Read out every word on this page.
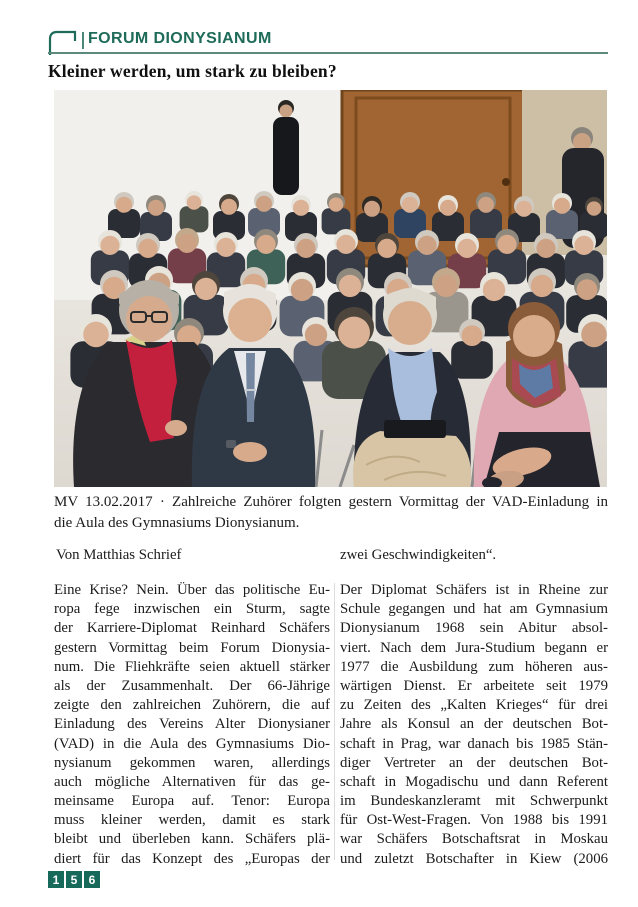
FORUM DIONYSIANUM
Kleiner werden, um stark zu bleiben?
MV 13.02.2017 · Zahlreiche Zuhörer folgten gestern Vormittag der VAD-Einladung in
die Aula des Gymnasiums Dionysianum.
Von Matthias Schrief	zwei Geschwindigkeiten“.
Eine Krise? Nein. Über das politische Eu-
ropa fege inzwischen ein Sturm, sagte
der Karriere-Diplomat Reinhard Schäfers
gestern Vormittag beim Forum Dionysia-
num. Die Fliehkräfte seien aktuell stärker
als der Zusammenhalt. Der 66-Jährige
zeigte den zahlreichen Zuhörern, die auf
Einladung des Vereins Alter Dionysianer
(VAD) in die Aula des Gymnasiums Dio-
nysianum gekommen waren, allerdings
auch mögliche Alternativen für das ge-
meinsame Europa auf. Tenor: Europa
muss kleiner werden, damit es stark
bleibt und überleben kann. Schäfers plä-
diert für das Konzept des „Europas der
Der Diplomat Schäfers ist in Rheine zur
Schule gegangen und hat am Gymnasium
Dionysianum 1968 sein Abitur absol-
viert. Nach dem Jura-Studium begann er
1977 die Ausbildung zum höheren aus-
wärtigen Dienst. Er arbeitete seit 1979
zu Zeiten des „Kalten Krieges“ für drei
Jahre als Konsul an der deutschen Bot-
schaft in Prag, war danach bis 1985 Stän-
diger Vertreter an der deutschen Bot-
schaft in Mogadischu und dann Referent
im Bundeskanzleramt mit Schwerpunkt
für Ost-West-Fragen. Von 1988 bis 1991
war Schäfers Botschaftsrat in Moskau
und zuletzt Botschafter in Kiew (2006
1 5 6
